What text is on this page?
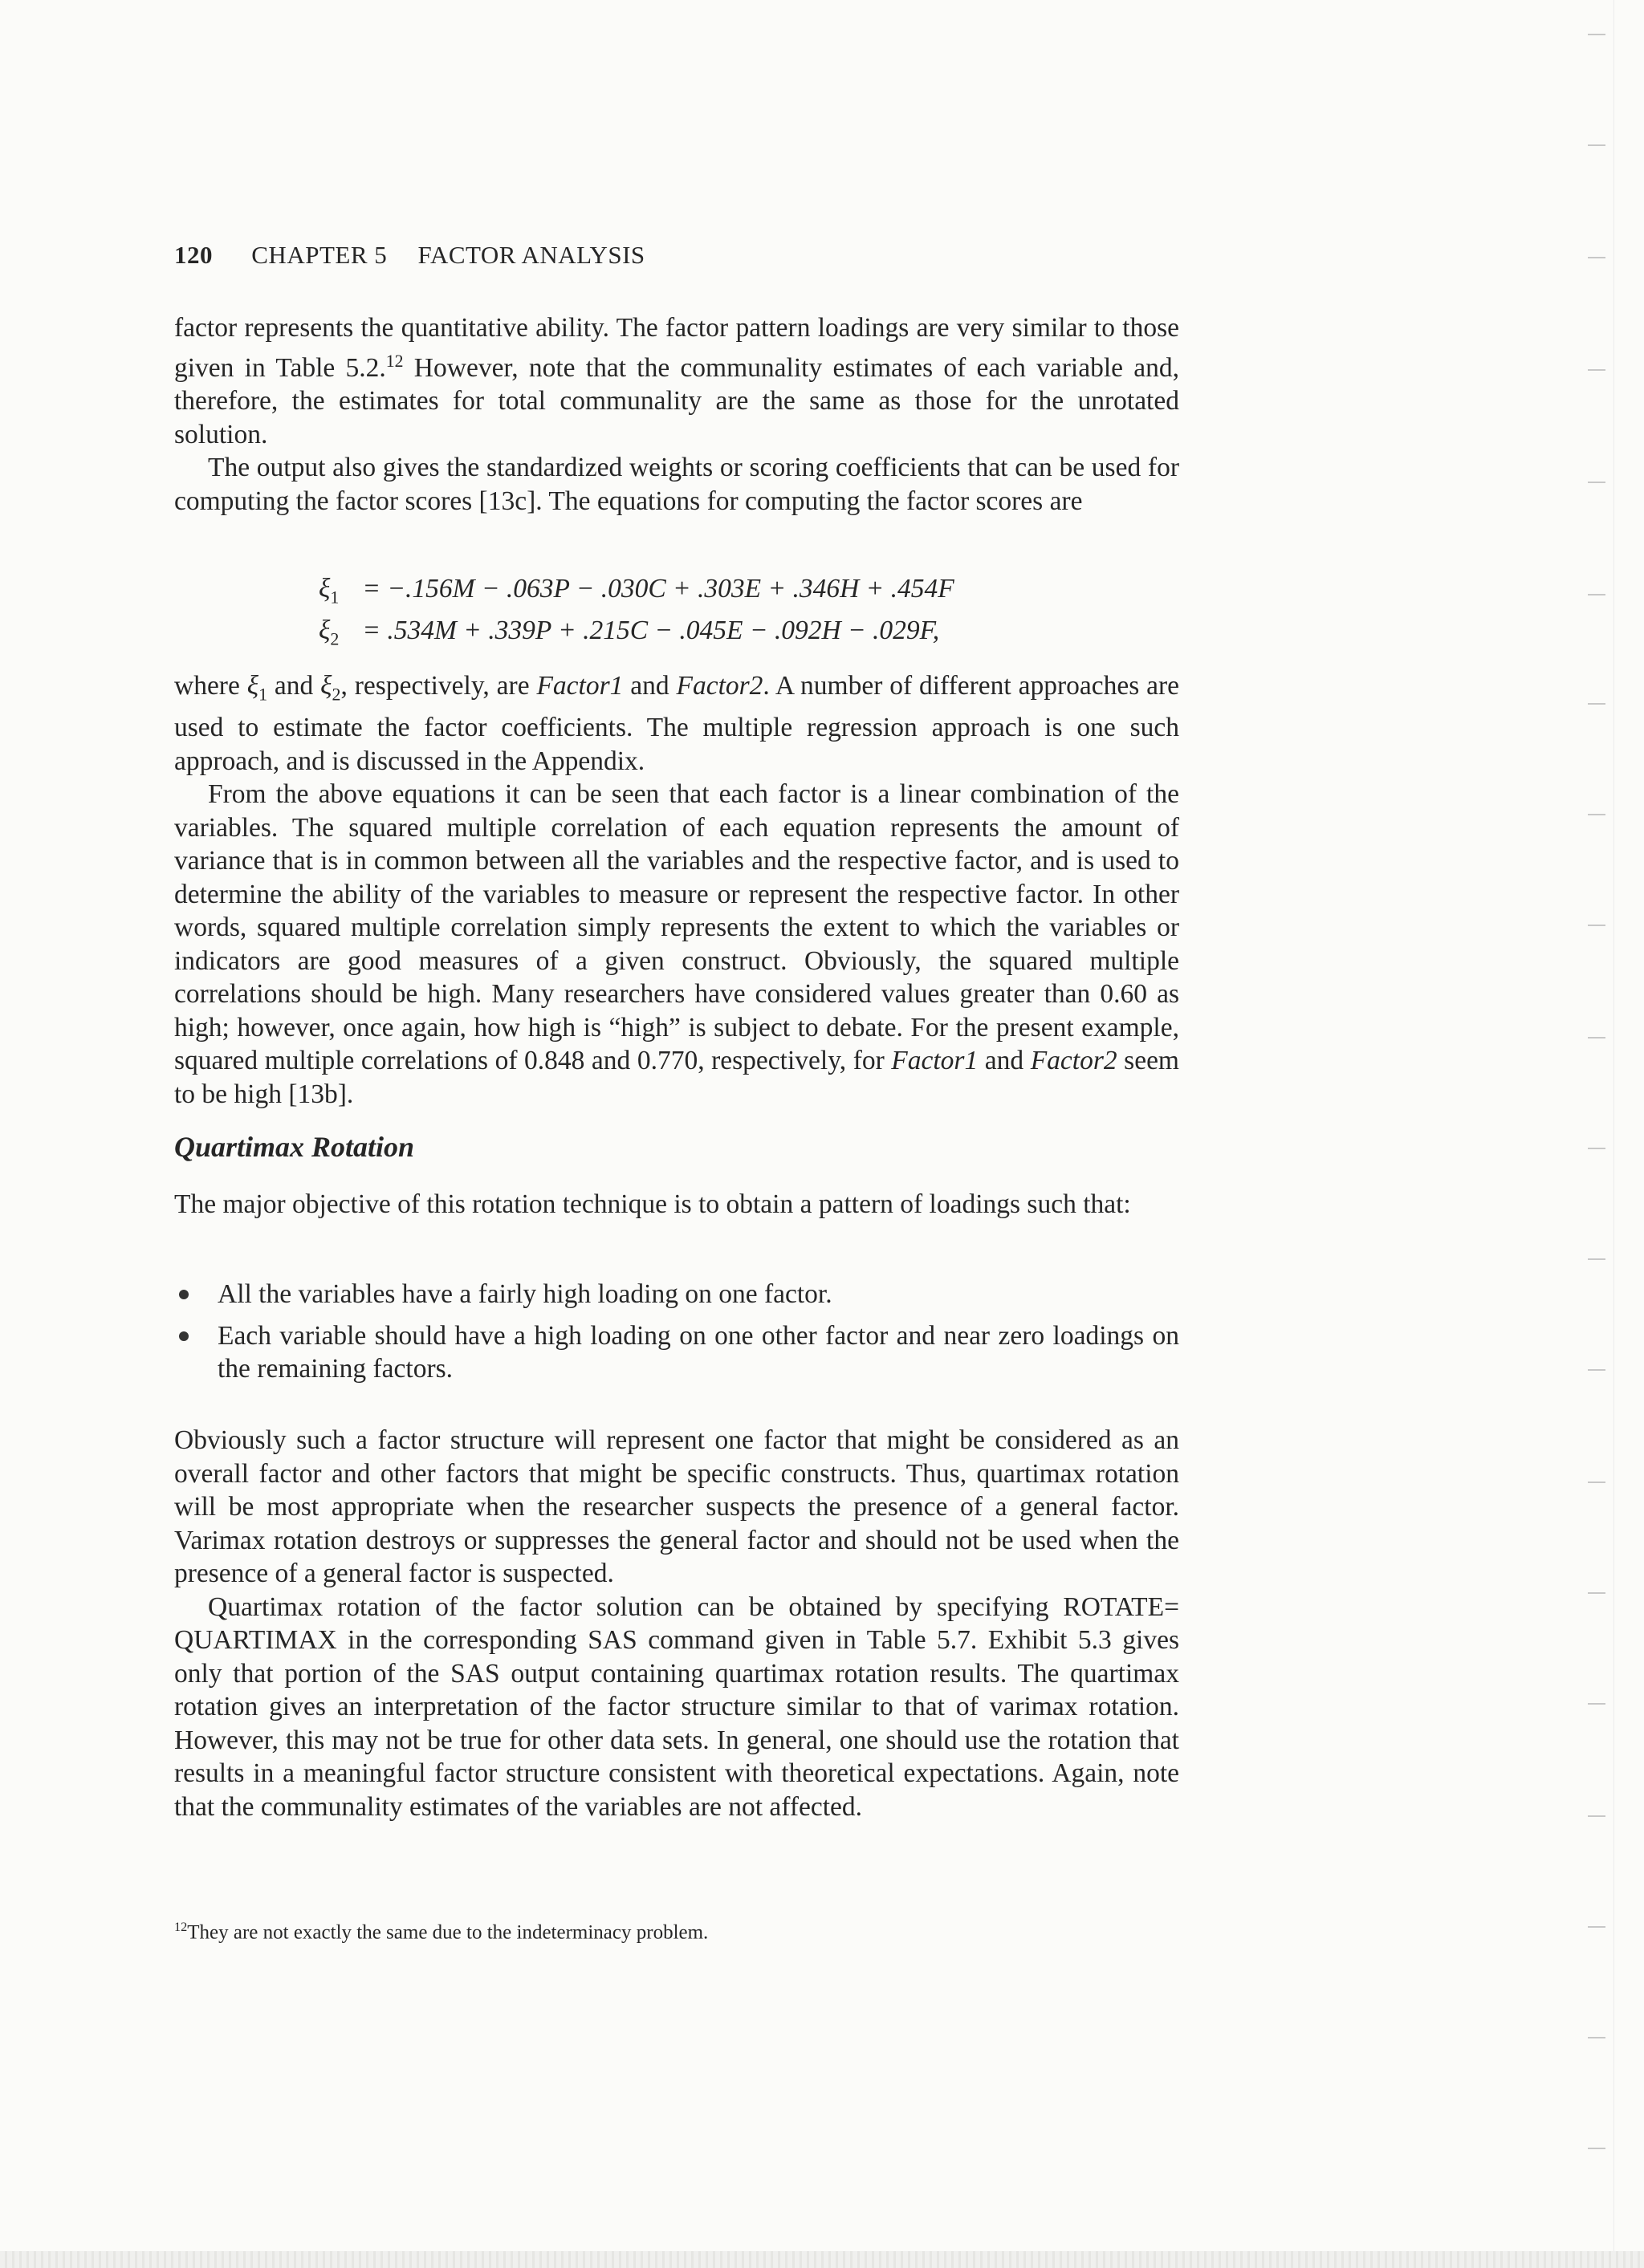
120 CHAPTER 5 FACTOR ANALYSIS

factor represents the quantitative ability. The factor pattern loadings are very similar to those given in Table 5.2.12 However, note that the communality estimates of each variable and, therefore, the estimates for total communality are the same as those for the unrotated solution.

The output also gives the standardized weights or scoring coefficients that can be used for computing the factor scores [13c]. The equations for computing the factor scores are

$\xi_1 = -.156M - .063P - .030C + .303E + .346H + .454F$
$\xi_2 = .534M + .339P + .215C - .045E - .092H - .029F$,

where $\xi_1$ and $\xi_2$, respectively, are Factor1 and Factor2. A number of different approaches are used to estimate the factor coefficients. The multiple regression approach is one such approach, and is discussed in the Appendix.

From the above equations it can be seen that each factor is a linear combination of the variables. The squared multiple correlation of each equation represents the amount of variance that is in common between all the variables and the respective factor, and is used to determine the ability of the variables to measure or represent the respective factor. In other words, squared multiple correlation simply represents the extent to which the variables or indicators are good measures of a given construct. Obviously, the squared multiple correlations should be high. Many researchers have considered values greater than 0.60 as high; however, once again, how high is “high” is subject to debate. For the present example, squared multiple correlations of 0.848 and 0.770, respectively, for Factor1 and Factor2 seem to be high [13b].

Quartimax Rotation

The major objective of this rotation technique is to obtain a pattern of loadings such that:

All the variables have a fairly high loading on one factor.
Each variable should have a high loading on one other factor and near zero loadings on the remaining factors.

Obviously such a factor structure will represent one factor that might be considered as an overall factor and other factors that might be specific constructs. Thus, quartimax rotation will be most appropriate when the researcher suspects the presence of a general factor. Varimax rotation destroys or suppresses the general factor and should not be used when the presence of a general factor is suspected.

Quartimax rotation of the factor solution can be obtained by specifying ROTATE= QUARTIMAX in the corresponding SAS command given in Table 5.7. Exhibit 5.3 gives only that portion of the SAS output containing quartimax rotation results. The quartimax rotation gives an interpretation of the factor structure similar to that of varimax rotation. However, this may not be true for other data sets. In general, one should use the rotation that results in a meaningful factor structure consistent with theoretical expectations. Again, note that the communality estimates of the variables are not affected.

$^{12}$They are not exactly the same due to the indeterminacy problem.
